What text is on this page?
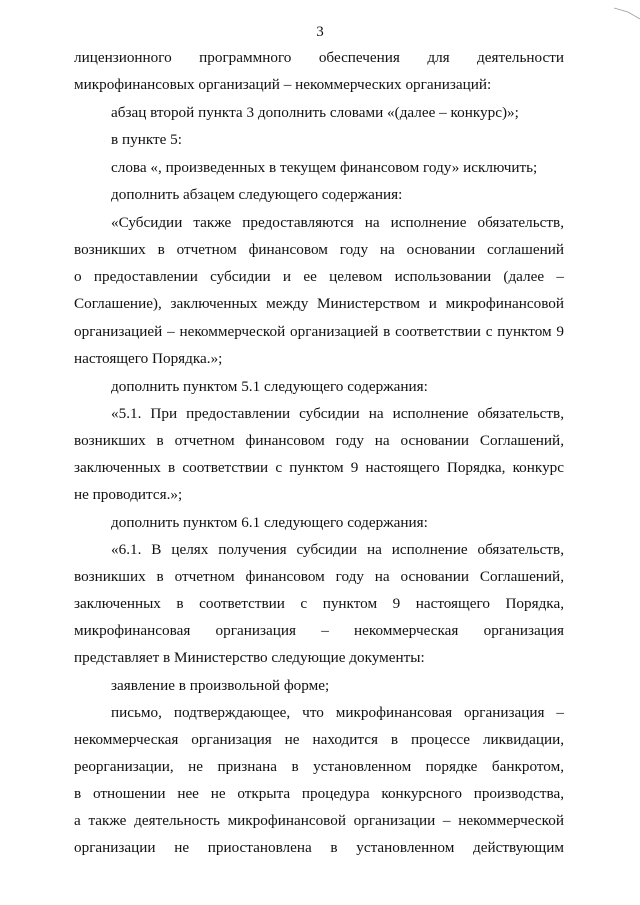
3
лицензионного программного обеспечения для деятельности
микрофинансовых организаций – некоммерческих организаций:
абзац второй пункта 3 дополнить словами «(далее – конкурс)»;
в пункте 5:
слова «, произведенных в текущем финансовом году» исключить;
дополнить абзацем следующего содержания:
«Субсидии также предоставляются на исполнение обязательств,
возникших в отчетном финансовом году на основании соглашений
о предоставлении субсидии и ее целевом использовании (далее –
Соглашение), заключенных между Министерством и микрофинансовой
организацией – некоммерческой организацией в соответствии с пунктом 9
настоящего Порядка.»;
дополнить пунктом 5.1 следующего содержания:
«5.1. При предоставлении субсидии на исполнение обязательств,
возникших в отчетном финансовом году на основании Соглашений,
заключенных в соответствии с пунктом 9 настоящего Порядка, конкурс
не проводится.»;
дополнить пунктом 6.1 следующего содержания:
«6.1. В целях получения субсидии на исполнение обязательств,
возникших в отчетном финансовом году на основании Соглашений,
заключенных в соответствии с пунктом 9 настоящего Порядка,
микрофинансовая организация – некоммерческая организация
представляет в Министерство следующие документы:
заявление в произвольной форме;
письмо, подтверждающее, что микрофинансовая организация –
некоммерческая организация не находится в процессе ликвидации,
реорганизации, не признана в установленном порядке банкротом,
в отношении нее не открыта процедура конкурсного производства,
а также деятельность микрофинансовой организации – некоммерческой
организации не приостановлена в установленном действующим
